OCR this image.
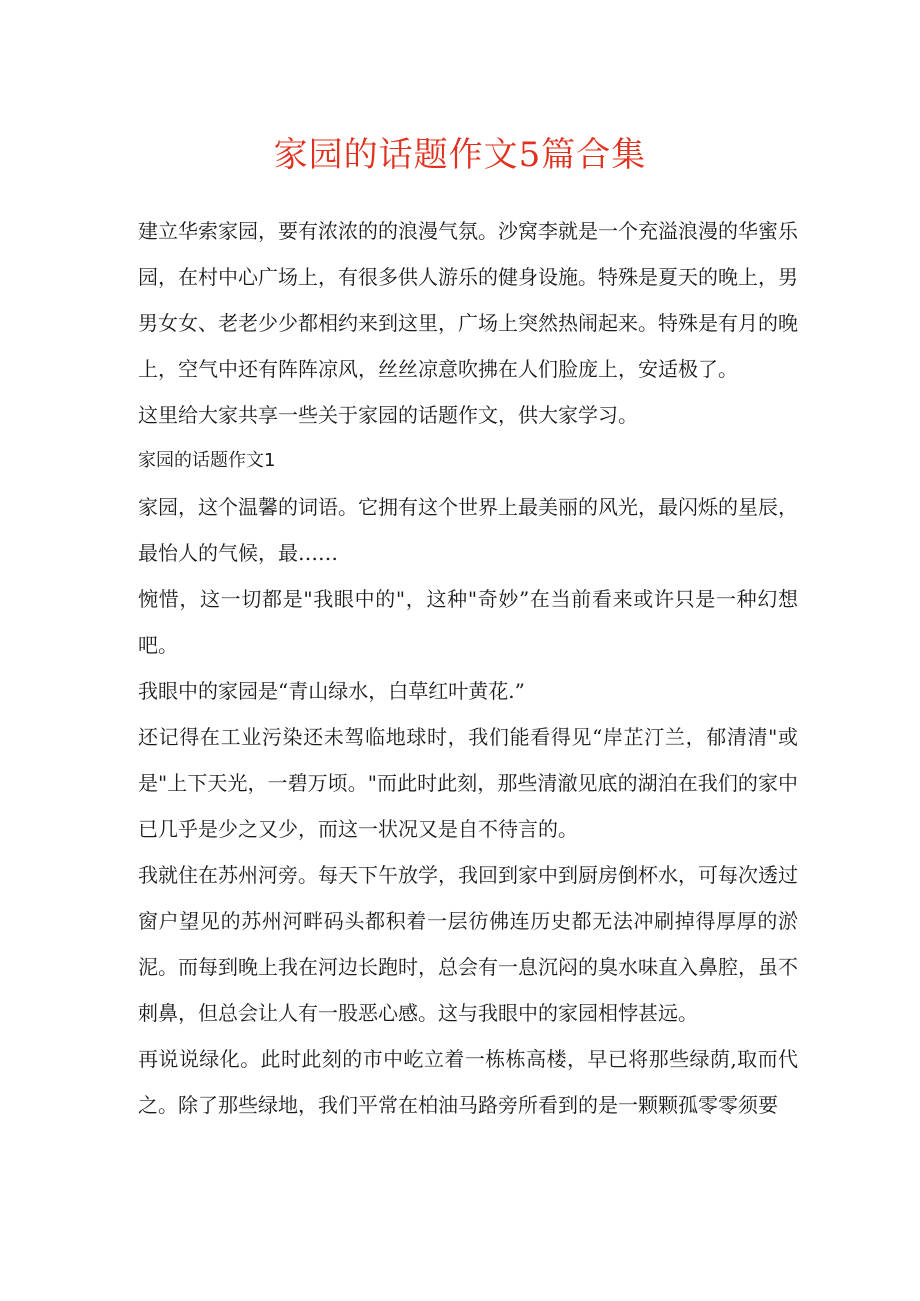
家园的话题作文5篇合集

建立华索家园，要有浓浓的的浪漫气氛。沙窝李就是一个充溢浪漫的华蜜乐园，在村中心广场上，有很多供人游乐的健身设施。特殊是夏天的晚上，男男女女、老老少少都相约来到这里，广场上突然热闹起来。特殊是有月的晚上，空气中还有阵阵凉风，丝丝凉意吹拂在人们脸庞上，安适极了。

这里给大家共享一些关于家园的话题作文，供大家学习。

家园的话题作文1

家园，这个温馨的词语。它拥有这个世界上最美丽的风光，最闪烁的星辰，最怡人的气候，最……

惋惜，这一切都是"我眼中的"，这种"奇妙”在当前看来或许只是一种幻想吧。

我眼中的家园是“青山绿水，白草红叶黄花.”

还记得在工业污染还未驾临地球时，我们能看得见“岸芷汀兰，郁清清"或是"上下天光，一碧万顷。"而此时此刻，那些清澈见底的湖泊在我们的家中已几乎是少之又少，而这一状况又是自不待言的。

我就住在苏州河旁。每天下午放学，我回到家中到厨房倒杯水，可每次透过窗户望见的苏州河畔码头都积着一层彷佛连历史都无法冲刷掉得厚厚的淤泥。而每到晚上我在河边长跑时，总会有一息沉闷的臭水味直入鼻腔，虽不刺鼻，但总会让人有一股恶心感。这与我眼中的家园相悖甚远。

再说说绿化。此时此刻的市中屹立着一栋栋高楼，早已将那些绿荫,取而代之。除了那些绿地，我们平常在柏油马路旁所看到的是一颗颗孤零零须要
